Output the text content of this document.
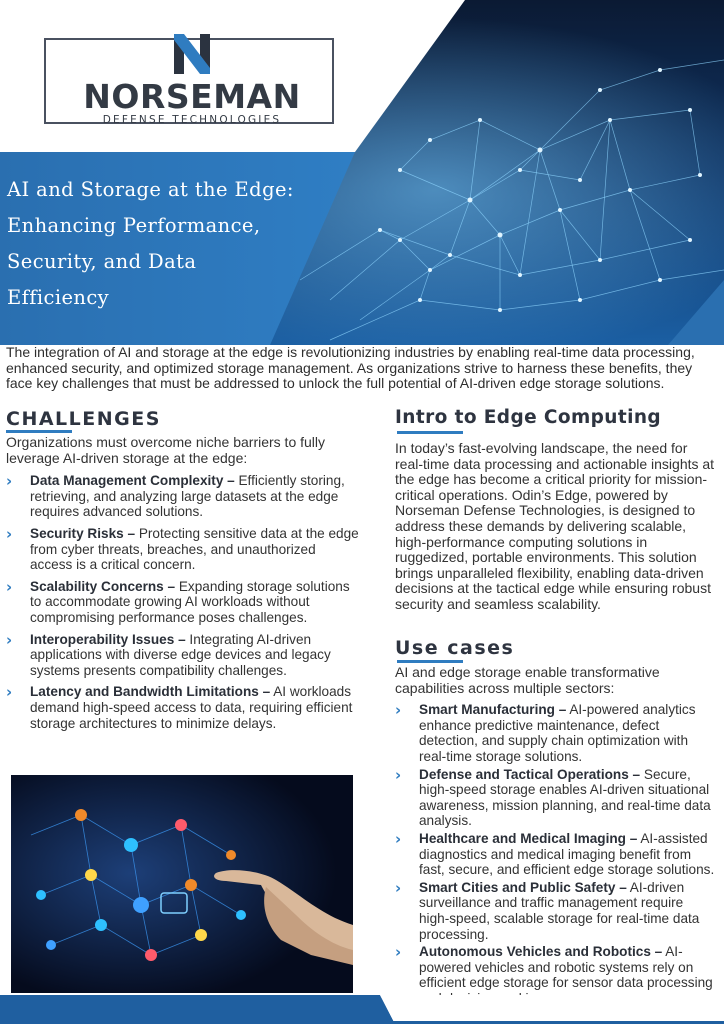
NORSEMAN
DEFENSE TECHNOLOGIES
AI and Storage at the Edge:
Enhancing Performance,
Security, and Data
Efficiency

The integration of AI and storage at the edge is revolutionizing industries by enabling real-time data processing, enhanced security, and optimized storage management. As organizations strive to harness these benefits, they face key challenges that must be addressed to unlock the full potential of AI-driven edge storage solutions.

CHALLENGES

Organizations must overcome niche barriers to fully leverage AI-driven storage at the edge:

›	Data Management Complexity – Efficiently storing, retrieving, and analyzing large datasets at the edge requires advanced solutions.
›	Security Risks – Protecting sensitive data at the edge from cyber threats, breaches, and unauthorized access is a critical concern.
›	Scalability Concerns – Expanding storage solutions to accommodate growing AI workloads without compromising performance poses challenges.
›	Interoperability Issues – Integrating AI-driven applications with diverse edge devices and legacy systems presents compatibility challenges.
›	Latency and Bandwidth Limitations – AI workloads demand high-speed access to data, requiring efficient storage architectures to minimize delays.
Intro to Edge Computing

In today’s fast-evolving landscape, the need for real-time data processing and actionable insights at the edge has become a critical priority for mission-critical operations. Odin’s Edge, powered by Norseman Defense Technologies, is designed to address these demands by delivering scalable, high-performance computing solutions in ruggedized, portable environments. This solution brings unparalleled flexibility, enabling data-driven decisions at the tactical edge while ensuring robust security and seamless scalability.

Use cases

AI and edge storage enable transformative capabilities across multiple sectors:

›	Smart Manufacturing – AI-powered analytics enhance predictive maintenance, defect detection, and supply chain optimization with real-time storage solutions.
›	Defense and Tactical Operations – Secure, high-speed storage enables AI-driven situational awareness, mission planning, and real-time data analysis.
›	Healthcare and Medical Imaging – AI-assisted diagnostics and medical imaging benefit from fast, secure, and efficient edge storage solutions.
›	Smart Cities and Public Safety – AI-driven surveillance and traffic management require high-speed, scalable storage for real-time data processing.
›	Autonomous Vehicles and Robotics – AI-powered vehicles and robotic systems rely on efficient edge storage for sensor data processing
